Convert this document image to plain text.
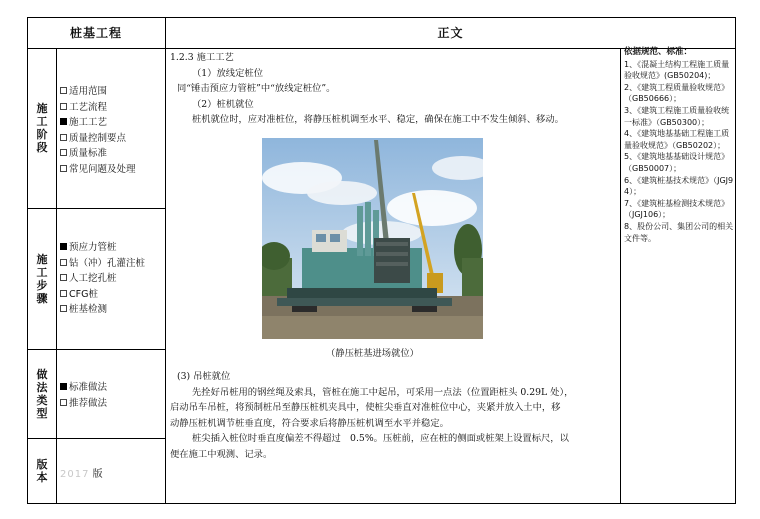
桩基工程	正文
施
工
阶
段
适用范围
工艺流程
施工工艺
质量控制要点
质量标准
常见问题及处理
施
工
步
骤
预应力管桩
钻（冲）孔灌注桩
人工挖孔桩
CFG桩
桩基检测
做
法
类
型
标准做法
推荐做法
版
本 2017 版

1.2.3 施工工艺

（1）放线定桩位

同“锤击预应力管桩”中“放线定桩位”。

（2）桩机就位

桩机就位时，应对准桩位，将静压桩机调至水平、稳定，确保在施工中不发生倾斜、移动。

（静压桩基进场就位）

(3) 吊桩就位

先拴好吊桩用的钢丝绳及索具，管桩在施工中起吊，可采用一点法（位置距桩头 0.29L 处），

启动吊车吊桩，将预制桩吊至静压桩机夹具中，使桩尖垂直对准桩位中心，夹紧并放入土中，移

动静压桩机调节桩垂直度，符合要求后将静压桩机调至水平并稳定。

桩尖插入桩位时垂直度偏差不得超过　0.5%。压桩前，应在桩的侧面或桩架上设置标尺，以

便在施工中观测、记录。

依据规范、标准：
1、《混凝土结构工程施工质量验收规范》(GB50204)；
2、《建筑工程质量验收规范》（GB50666）；
3、《建筑工程施工质量验收统一标准》（GB50300）；
4、《建筑地基基础工程施工质量验收规范》（GB50202）；
5、《建筑地基基础设计规范》（GB50007）；
6、《建筑桩基技术规范》（JGJ94）；
7、《建筑桩基检测技术规范》（JGJ106）；
8、股份公司、集团公司的相关文件等。
